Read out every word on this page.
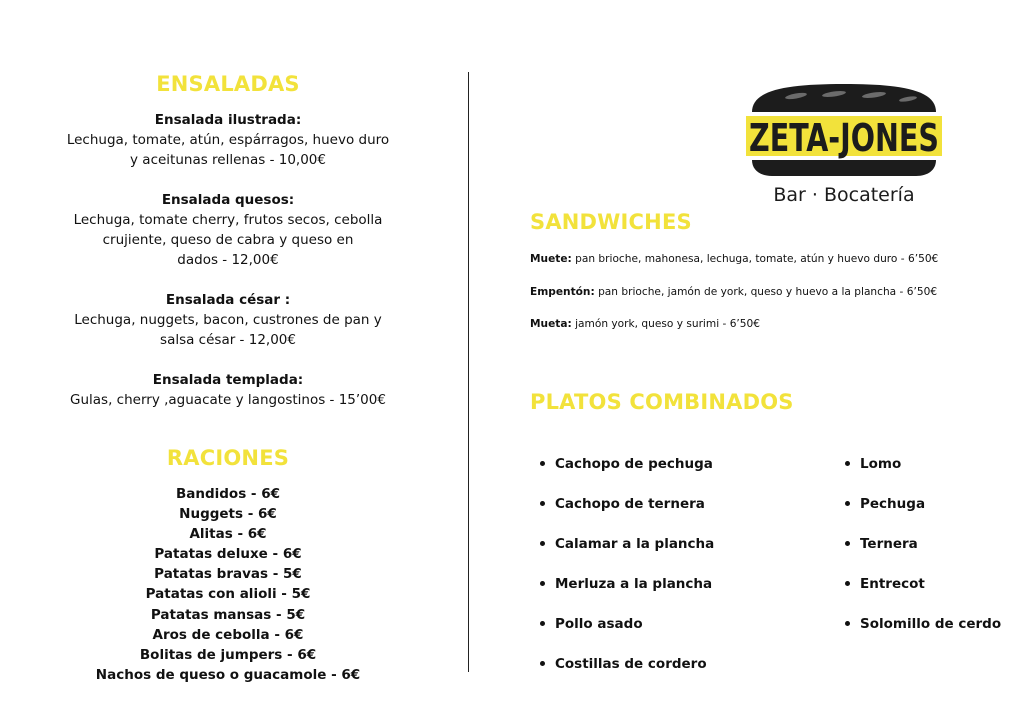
ENSALADAS
Ensalada ilustrada:
Lechuga, tomate, atún, espárragos, huevo duro
y aceitunas rellenas - 10,00€
Ensalada quesos:
Lechuga, tomate cherry, frutos secos, cebolla
crujiente, queso de cabra y queso en
dados - 12,00€
Ensalada césar :
Lechuga, nuggets, bacon, custrones de pan y
salsa césar - 12,00€
Ensalada templada:
Gulas, cherry ,aguacate y langostinos - 15’00€
RACIONES
Bandidos - 6€
Nuggets - 6€
Alitas - 6€
Patatas deluxe - 6€
Patatas bravas - 5€
Patatas con alioli - 5€
Patatas mansas - 5€
Aros de cebolla - 6€
Bolitas de jumpers - 6€
Nachos de queso o guacamole - 6€
ZETA-JONES
Bar · Bocatería
SANDWICHES
Muete: pan brioche, mahonesa, lechuga, tomate, atún y huevo duro - 6’50€
Empentón: pan brioche, jamón de york, queso y huevo a la plancha - 6’50€
Mueta: jamón york, queso y surimi - 6’50€
PLATOS COMBINADOS
Cachopo de pechuga
Cachopo de ternera
Calamar a la plancha
Merluza a la plancha
Pollo asado
Costillas de cordero
Lomo
Pechuga
Ternera
Entrecot
Solomillo de cerdo
